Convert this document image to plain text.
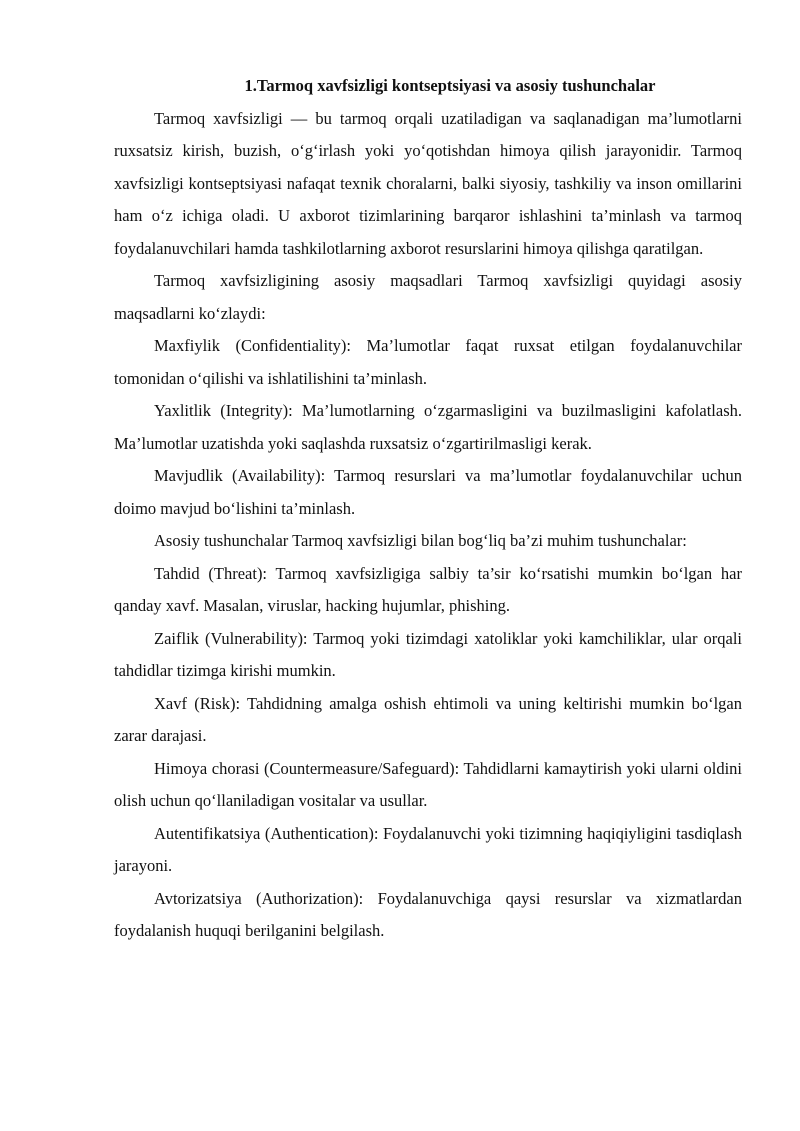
1.Tarmoq xavfsizligi kontseptsiyasi va asosiy tushunchalar

Tarmoq xavfsizligi — bu tarmoq orqali uzatiladigan va saqlanadigan ma’lumotlarni ruxsatsiz kirish, buzish, o‘g‘irlash yoki yo‘qotishdan himoya qilish jarayonidir. Tarmoq xavfsizligi kontseptsiyasi nafaqat texnik choralarni, balki siyosiy, tashkiliy va inson omillarini ham o‘z ichiga oladi. U axborot tizimlarining barqaror ishlashini ta’minlash va tarmoq foydalanuvchilari hamda tashkilotlarning axborot resurslarini himoya qilishga qaratilgan.

Tarmoq xavfsizligining asosiy maqsadlari Tarmoq xavfsizligi quyidagi asosiy maqsadlarni ko‘zlaydi:

Maxfiylik (Confidentiality): Ma’lumotlar faqat ruxsat etilgan foydalanuvchilar tomonidan o‘qilishi va ishlatilishini ta’minlash.

Yaxlitlik (Integrity): Ma’lumotlarning o‘zgarmasligini va buzilmasligini kafolatlash. Ma’lumotlar uzatishda yoki saqlashda ruxsatsiz o‘zgartirilmasligi kerak.

Mavjudlik (Availability): Tarmoq resurslari va ma’lumotlar foydalanuvchilar uchun doimo mavjud bo‘lishini ta’minlash.

Asosiy tushunchalar Tarmoq xavfsizligi bilan bog‘liq ba’zi muhim tushunchalar:

Tahdid (Threat): Tarmoq xavfsizligiga salbiy ta’sir ko‘rsatishi mumkin bo‘lgan har qanday xavf. Masalan, viruslar, hacking hujumlar, phishing.

Zaiflik (Vulnerability): Tarmoq yoki tizimdagi xatoliklar yoki kamchiliklar, ular orqali tahdidlar tizimga kirishi mumkin.

Xavf (Risk): Tahdidning amalga oshish ehtimoli va uning keltirishi mumkin bo‘lgan zarar darajasi.

Himoya chorasi (Countermeasure/Safeguard): Tahdidlarni kamaytirish yoki ularni oldini olish uchun qo‘llaniladigan vositalar va usullar.

Autentifikatsiya (Authentication): Foydalanuvchi yoki tizimning haqiqiyligini tasdiqlash jarayoni.

Avtorizatsiya (Authorization): Foydalanuvchiga qaysi resurslar va xizmatlardan foydalanish huquqi berilganini belgilash.
